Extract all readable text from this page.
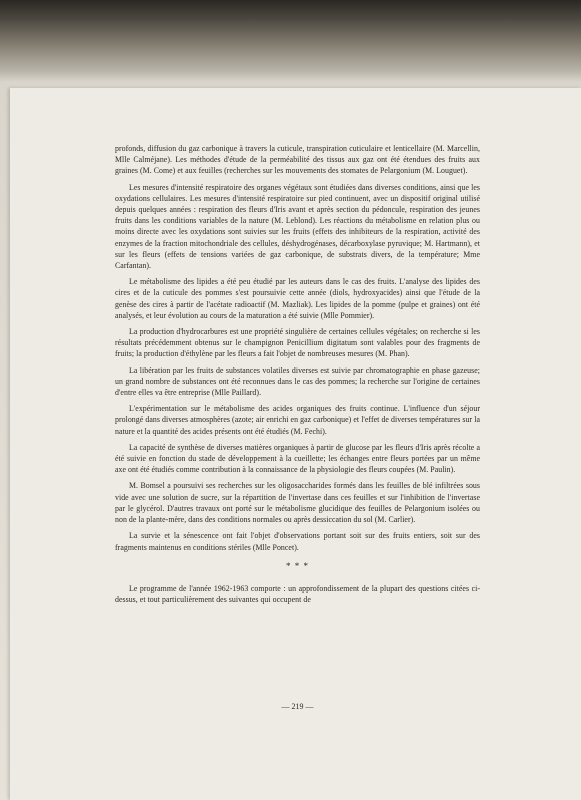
profonds, diffusion du gaz carbonique à travers la cuticule, transpiration cuticulaire et lenticellaire (M. Marcellin, Mlle Calméjane). Les méthodes d'étude de la perméabilité des tissus aux gaz ont été étendues des fruits aux graines (M. Come) et aux feuilles (recherches sur les mouvements des stomates de Pelargonium (M. Louguet).

Les mesures d'intensité respiratoire des organes végétaux sont étudiées dans diverses conditions, ainsi que les oxydations cellulaires. Les mesures d'intensité respiratoire sur pied continuent, avec un dispositif original utilisé depuis quelques années : respiration des fleurs d'Iris avant et après section du pédoncule, respiration des jeunes fruits dans les conditions variables de la nature (M. Leblond). Les réactions du métabolisme en relation plus ou moins directe avec les oxydations sont suivies sur les fruits (effets des inhibiteurs de la respiration, activité des enzymes de la fraction mitochondriale des cellules, déshydrogénases, décarboxylase pyruvique; M. Hartmann), et sur les fleurs (effets de tensions variées de gaz carbonique, de substrats divers, de la température; Mme Carfantan).

Le métabolisme des lipides a été peu étudié par les auteurs dans le cas des fruits. L'analyse des lipides des cires et de la cuticule des pommes s'est poursuivie cette année (diols, hydroxyacides) ainsi que l'étude de la genèse des cires à partir de l'acétate radioactif (M. Mazliak). Les lipides de la pomme (pulpe et graines) ont été analysés, et leur évolution au cours de la maturation a été suivie (Mlle Pommier).

La production d'hydrocarbures est une propriété singulière de certaines cellules végétales; on recherche si les résultats précédemment obtenus sur le champignon Penicillium digitatum sont valables pour des fragments de fruits; la production d'éthylène par les fleurs a fait l'objet de nombreuses mesures (M. Phan).

La libération par les fruits de substances volatiles diverses est suivie par chromatographie en phase gazeuse; un grand nombre de substances ont été reconnues dans le cas des pommes; la recherche sur l'origine de certaines d'entre elles va être entreprise (Mlle Paillard).

L'expérimentation sur le métabolisme des acides organiques des fruits continue. L'influence d'un séjour prolongé dans diverses atmosphères (azote; air enrichi en gaz carbonique) et l'effet de diverses températures sur la nature et la quantité des acides présents ont été étudiés (M. Fechi).

La capacité de synthèse de diverses matières organiques à partir de glucose par les fleurs d'Iris après récolte a été suivie en fonction du stade de développement à la cueillette; les échanges entre fleurs portées par un même axe ont été étudiés comme contribution à la connaissance de la physiologie des fleurs coupées (M. Paulin).

M. Bomsel a poursuivi ses recherches sur les oligosaccharides formés dans les feuilles de blé infiltrées sous vide avec une solution de sucre, sur la répartition de l'invertase dans ces feuilles et sur l'inhibition de l'invertase par le glycérol. D'autres travaux ont porté sur le métabolisme glucidique des feuilles de Pelargonium isolées ou non de la plante-mère, dans des conditions normales ou après dessiccation du sol (M. Carlier).

La survie et la sénescence ont fait l'objet d'observations portant soit sur des fruits entiers, soit sur des fragments maintenus en conditions stériles (Mlle Poncet).

* * *

Le programme de l'année 1962-1963 comporte : un approfondissement de la plupart des questions citées ci-dessus, et tout particulièrement des suivantes qui occupent de

— 219 —
